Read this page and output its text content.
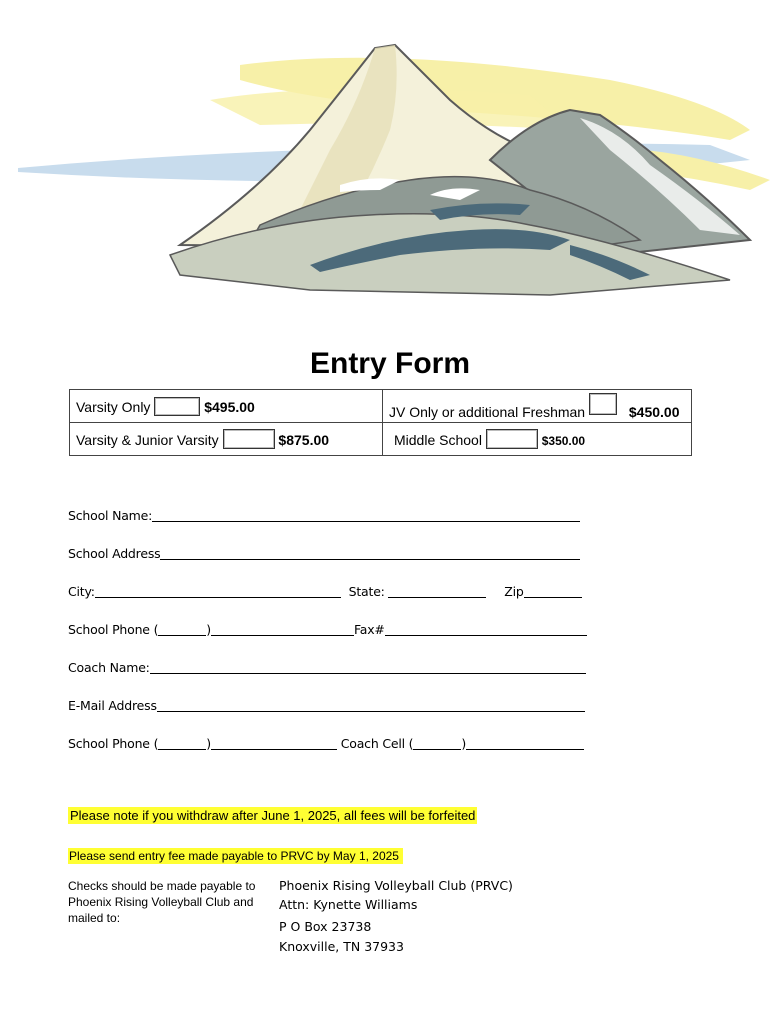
Entry Form
Varsity Only $495.00	JV Only or additional Freshman $450.00
Varsity & Junior Varsity $875.00	Middle School $350.00
School Name:
School Address
City:	State:	Zip
School Phone (	)	Fax#
Coach Name:
E-Mail Address
School Phone (	)	Coach Cell (	)
Please note if you withdraw after June 1, 2025, all fees will be forfeited
Please send entry fee made payable to PRVC by May 1, 2025
Checks should be made payable to Phoenix Rising Volleyball Club and mailed to:
Phoenix Rising Volleyball Club (PRVC)
Attn: Kynette Williams
P O Box 23738
Knoxville, TN 37933
